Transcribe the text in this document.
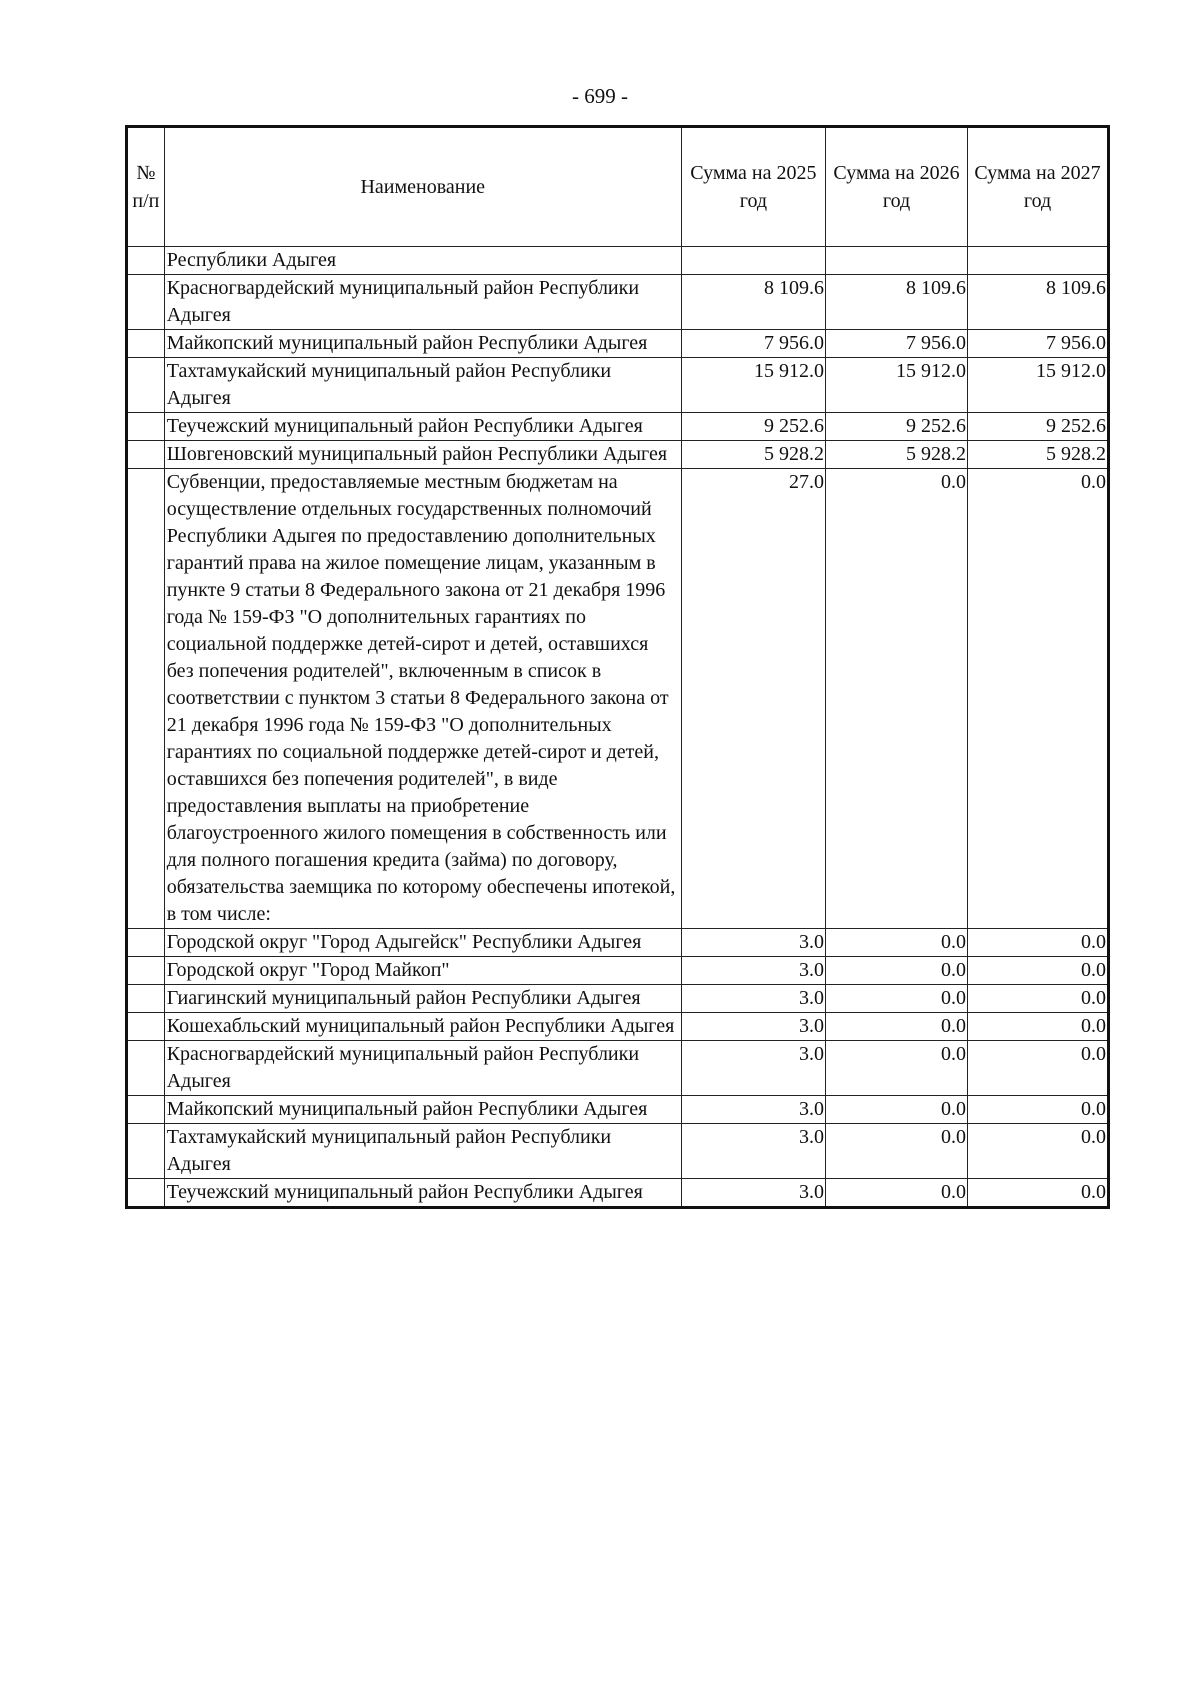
- 699 -
№ п/п	Наименование	Сумма на 2025 год	Сумма на 2026 год	Сумма на 2027 год
	Республики Адыгея			
	Красногвардейский муниципальный район Республики Адыгея	8 109.6	8 109.6	8 109.6
	Майкопский муниципальный район Республики Адыгея	7 956.0	7 956.0	7 956.0
	Тахтамукайский муниципальный район Республики Адыгея	15 912.0	15 912.0	15 912.0
	Теучежский муниципальный район Республики Адыгея	9 252.6	9 252.6	9 252.6
	Шовгеновский муниципальный район Республики Адыгея	5 928.2	5 928.2	5 928.2
	Субвенции, предоставляемые местным бюджетам на осуществление отдельных государственных полномочий Республики Адыгея по предоставлению дополнительных гарантий права на жилое помещение лицам, указанным в пункте 9 статьи 8 Федерального закона от 21 декабря 1996 года № 159-ФЗ "О дополнительных гарантиях по социальной поддержке детей-сирот и детей, оставшихся без попечения родителей", включенным в список в соответствии с пунктом 3 статьи 8 Федерального закона от 21 декабря 1996 года № 159-ФЗ "О дополнительных гарантиях по социальной поддержке детей-сирот и детей, оставшихся без попечения родителей", в виде предоставления выплаты на приобретение благоустроенного жилого помещения в собственность или для полного погашения кредита (займа) по договору, обязательства заемщика по которому обеспечены ипотекой, в том числе:	27.0	0.0	0.0
	Городской округ "Город Адыгейск" Республики Адыгея	3.0	0.0	0.0
	Городской округ "Город Майкоп"	3.0	0.0	0.0
	Гиагинский муниципальный район Республики Адыгея	3.0	0.0	0.0
	Кошехабльский муниципальный район Республики Адыгея	3.0	0.0	0.0
	Красногвардейский муниципальный район Республики Адыгея	3.0	0.0	0.0
	Майкопский муниципальный район Республики Адыгея	3.0	0.0	0.0
	Тахтамукайский муниципальный район Республики Адыгея	3.0	0.0	0.0
	Теучежский муниципальный район Республики Адыгея	3.0	0.0	0.0
